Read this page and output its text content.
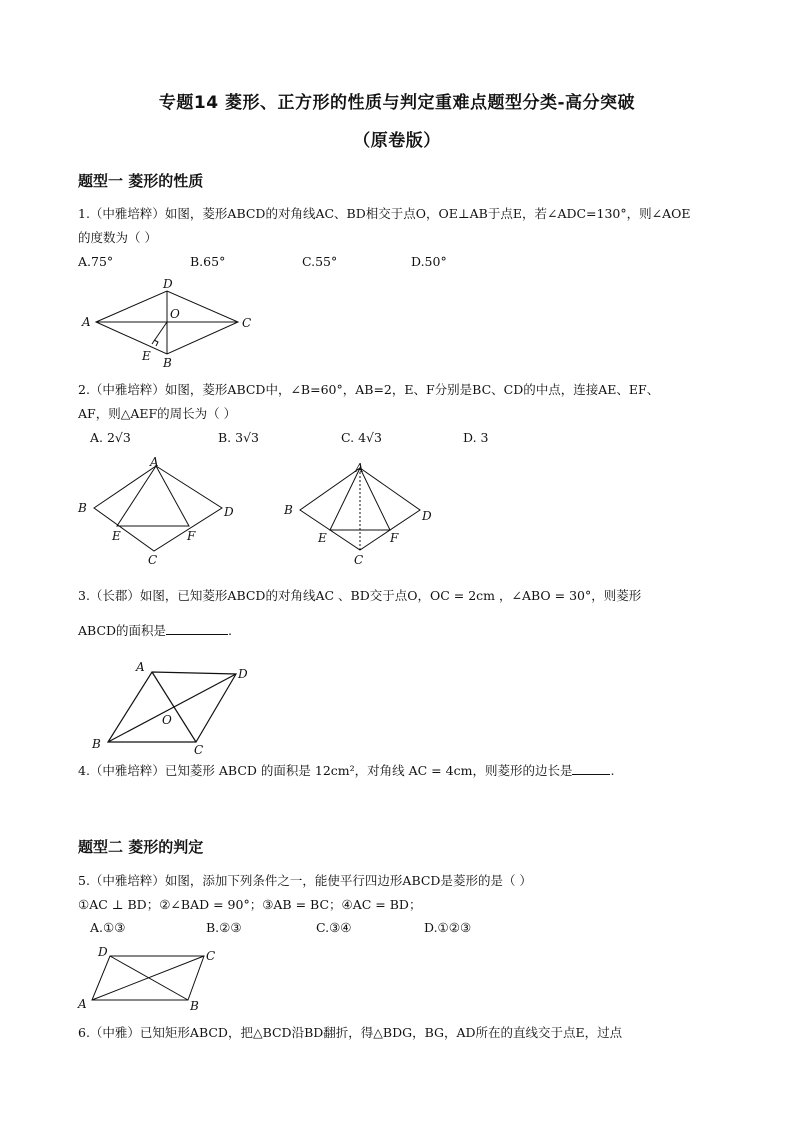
专题14 菱形、正方形的性质与判定重难点题型分类-高分突破
（原卷版）
题型一 菱形的性质
1.（中雅培粹）如图，菱形ABCD的对角线AC、BD相交于点O，OE⊥AB于点E，若∠ADC=130°，则∠AOE
的度数为（ ）
A.75°	B.65°	C.55°	D.50°
A
D
C
O
E B
2.（中雅培粹）如图，菱形ABCD中，∠B=60°，AB=2，E、F分别是BC、CD的中点，连接AE、EF、
AF，则△AEF的周长为（ ）
A. 2√3	B. 3√3	C. 4√3	D. 3
A
B	D
E	F
C
A
B	D
E	F
C
3.（长郡）如图，已知菱形ABCD的对角线AC 、BD交于点O，OC = 2cm ，∠ABO = 30°，则菱形
ABCD的面积是	.
A	D
B	C
O
4.（中雅培粹）已知菱形 ABCD 的面积是 12cm²，对角线 AC = 4cm，则菱形的边长是	.
题型二 菱形的判定
5.（中雅培粹）如图，添加下列条件之一，能使平行四边形ABCD是菱形的是（ ）
①AC ⊥ BD；②∠BAD = 90°；③AB = BC；④AC = BD；
A.①③	B.②③	C.③④	D.①②③
D	C
A	B
6.（中雅）已知矩形ABCD，把△BCD沿BD翻折，得△BDG，BG，AD所在的直线交于点E，过点
